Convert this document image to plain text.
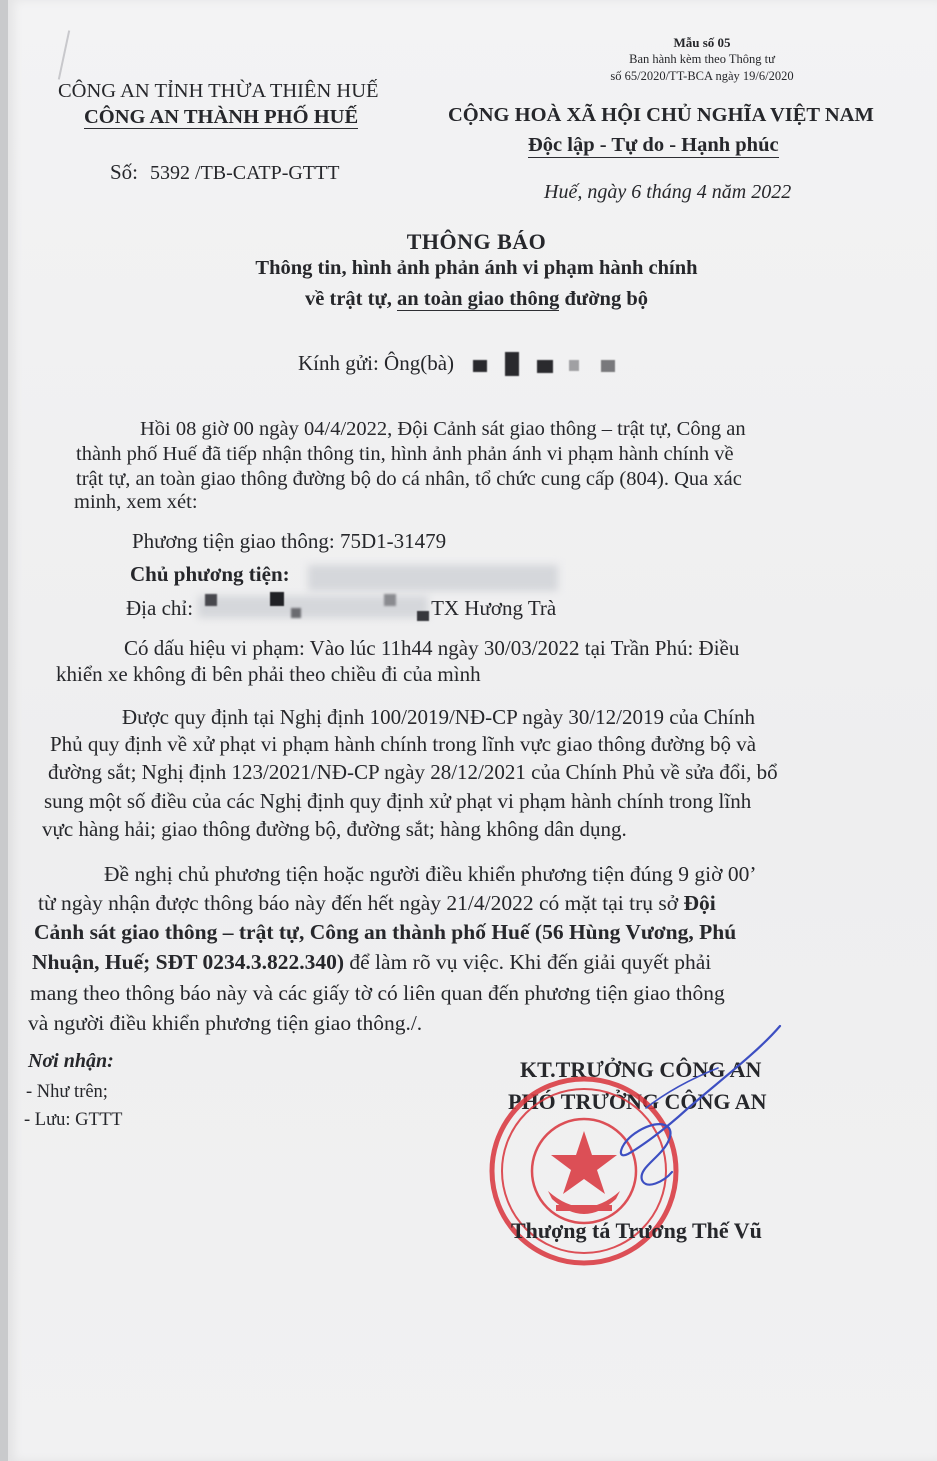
Mẫu số 05
Ban hành kèm theo Thông tư
số 65/2020/TT-BCA ngày 19/6/2020
CÔNG AN TỈNH THỪA THIÊN HUẾ
CÔNG AN THÀNH PHỐ HUẾ	CỘNG HOÀ XÃ HỘI CHỦ NGHĨA VIỆT NAM
Độc lập - Tự do - Hạnh phúc
Số: 5392 /TB-CATP-GTTT
Huế, ngày 6 tháng 4 năm 2022
THÔNG BÁO
Thông tin, hình ảnh phản ánh vi phạm hành chính
về trật tự, an toàn giao thông đường bộ
Kính gửi: Ông(bà)
Hồi 08 giờ 00 ngày 04/4/2022, Đội Cảnh sát giao thông – trật tự, Công an
thành phố Huế đã tiếp nhận thông tin, hình ảnh phản ánh vi phạm hành chính về
trật tự, an toàn giao thông đường bộ do cá nhân, tổ chức cung cấp (804). Qua xác
minh, xem xét:
Phương tiện giao thông: 75D1-31479
Chủ phương tiện:
Địa chỉ:	TX Hương Trà
Có dấu hiệu vi phạm: Vào lúc 11h44 ngày 30/03/2022 tại Trần Phú: Điều
khiển xe không đi bên phải theo chiều đi của mình
Được quy định tại Nghị định 100/2019/NĐ-CP ngày 30/12/2019 của Chính
Phủ quy định về xử phạt vi phạm hành chính trong lĩnh vực giao thông đường bộ và
đường sắt; Nghị định 123/2021/NĐ-CP ngày 28/12/2021 của Chính Phủ về sửa đổi, bổ
sung một số điều của các Nghị định quy định xử phạt vi phạm hành chính trong lĩnh
vực hàng hải; giao thông đường bộ, đường sắt; hàng không dân dụng.
Đề nghị chủ phương tiện hoặc người điều khiển phương tiện đúng 9 giờ 00’
từ ngày nhận được thông báo này đến hết ngày 21/4/2022 có mặt tại trụ sở Đội
Cảnh sát giao thông – trật tự, Công an thành phố Huế (56 Hùng Vương, Phú
Nhuận, Huế; SĐT 0234.3.822.340) để làm rõ vụ việc. Khi đến giải quyết phải
mang theo thông báo này và các giấy tờ có liên quan đến phương tiện giao thông
và người điều khiển phương tiện giao thông./.
Nơi nhận:
- Như trên;
- Lưu: GTTT
KT.TRƯỞNG CÔNG AN
PHÓ TRƯỞNG CÔNG AN
Thượng tá Trương Thế Vũ
